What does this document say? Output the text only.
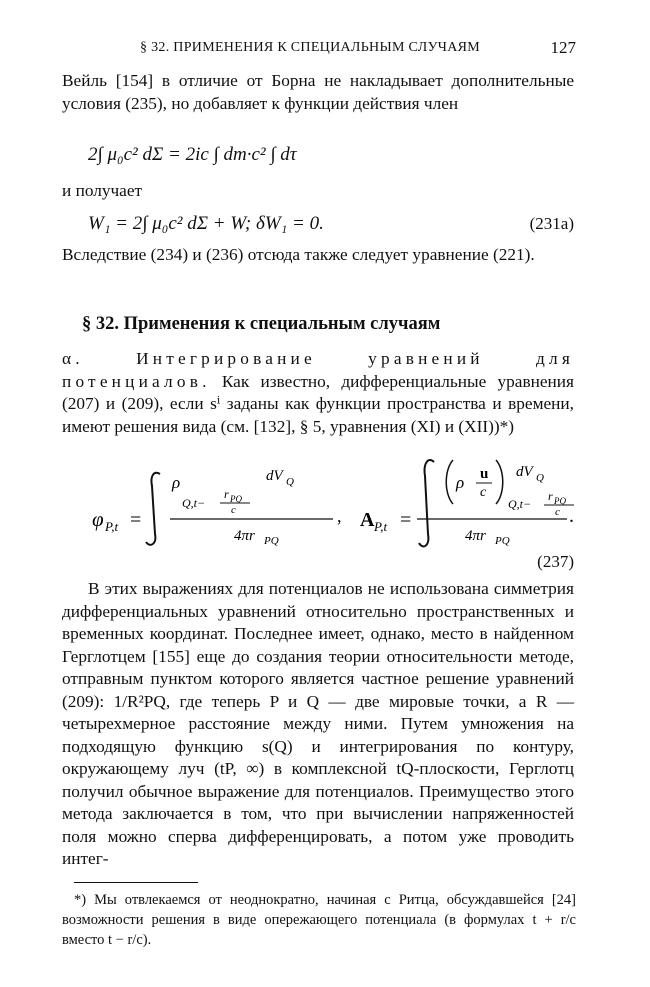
§ 32. ПРИМЕНЕНИЯ К СПЕЦИАЛЬНЫМ СЛУЧАЯМ	127

Вейль [154] в отличие от Борна не накладывает дополнительные условия (235), но добавляет к функции действия член

2∫ μ₀c² dΣ = 2ic ∫ dm·c² ∫ dτ

и получает

W₁ = 2∫ μ₀c² dΣ + W; δW₁ = 0.	(231a)

Вследствие (234) и (236) отсюда также следует уравнение (221).

§ 32. Применения к специальным случаям

α. Интегрирование уравнений для потенциалов. Как известно, дифференциальные уравнения (207) и (209), если sⁱ заданы как функции пространства и времени, имеют решения вида (см. [132], § 5, уравнения (XI) и (XII))*)

φ P,t =
ρ
Q,t−
r PQ
c
dV Q
4πr PQ
, A P,t =
ρ u
c
Q,t−
r PQ
c
dV Q
4πr PQ
.
(237)

В этих выражениях для потенциалов не использована симметрия дифференциальных уравнений относительно пространственных и временных координат. Последнее имеет, однако, место в найденном Герглотцем [155] еще до создания теории относительности методе, отправным пунктом которого является частное решение уравнений (209): 1/R²PQ, где теперь P и Q — две мировые точки, а R — четырехмерное расстояние между ними. Путем умножения на подходящую функцию s(Q) и интегрирования по контуру, окружающему луч (tP, ∞) в комплексной tQ-плоскости, Герглотц получил обычное выражение для потенциалов. Преимущество этого метода заключается в том, что при вычислении напряженностей поля можно сперва дифференцировать, а потом уже проводить интег-

*) Мы отвлекаемся от неоднократно, начиная с Ритца, обсуждавшейся [24] возможности решения в виде опережающего потенциала (в формулах t + r/c вместо t − r/c).
